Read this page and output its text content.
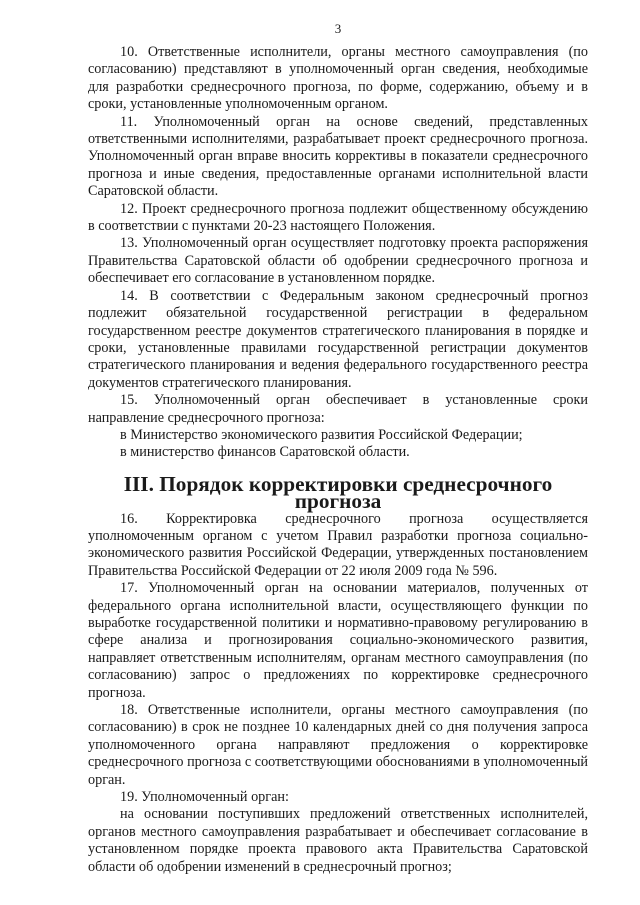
3

10. Ответственные исполнители, органы местного самоуправления (по согласованию) представляют в уполномоченный орган сведения, необходимые для разработки среднесрочного прогноза, по форме, содержанию, объему и в сроки, установленные уполномоченным органом.

11. Уполномоченный орган на основе сведений, представленных ответственными исполнителями, разрабатывает проект среднесрочного прогноза. Уполномоченный орган вправе вносить коррективы в показатели среднесрочного прогноза и иные сведения, предоставленные органами исполнительной власти Саратовской области.

12. Проект среднесрочного прогноза подлежит общественному обсуждению в соответствии с пунктами 20-23 настоящего Положения.

13. Уполномоченный орган осуществляет подготовку проекта распоряжения Правительства Саратовской области об одобрении среднесрочного прогноза и обеспечивает его согласование в установленном порядке.

14. В соответствии с Федеральным законом среднесрочный прогноз подлежит обязательной государственной регистрации в федеральном государственном реестре документов стратегического планирования в порядке и сроки, установленные правилами государственной регистрации документов стратегического планирования и ведения федерального государственного реестра документов стратегического планирования.

15. Уполномоченный орган обеспечивает в установленные сроки направление среднесрочного прогноза:

в Министерство экономического развития Российской Федерации;

в министерство финансов Саратовской области.

III. Порядок корректировки среднесрочного прогноза

16. Корректировка среднесрочного прогноза осуществляется уполномоченным органом с учетом Правил разработки прогноза социально-экономического развития Российской Федерации, утвержденных постановлением Правительства Российской Федерации от 22 июля 2009 года № 596.

17. Уполномоченный орган на основании материалов, полученных от федерального органа исполнительной власти, осуществляющего функции по выработке государственной политики и нормативно-правовому регулированию в сфере анализа и прогнозирования социально-экономического развития, направляет ответственным исполнителям, органам местного самоуправления (по согласованию) запрос о предложениях по корректировке среднесрочного прогноза.

18. Ответственные исполнители, органы местного самоуправления (по согласованию) в срок не позднее 10 календарных дней со дня получения запроса уполномоченного органа направляют предложения о корректировке среднесрочного прогноза с соответствующими обоснованиями в уполномоченный орган.

19. Уполномоченный орган:

на основании поступивших предложений ответственных исполнителей, органов местного самоуправления разрабатывает и обеспечивает согласование в установленном порядке проекта правового акта Правительства Саратовской области об одобрении изменений в среднесрочный прогноз;
